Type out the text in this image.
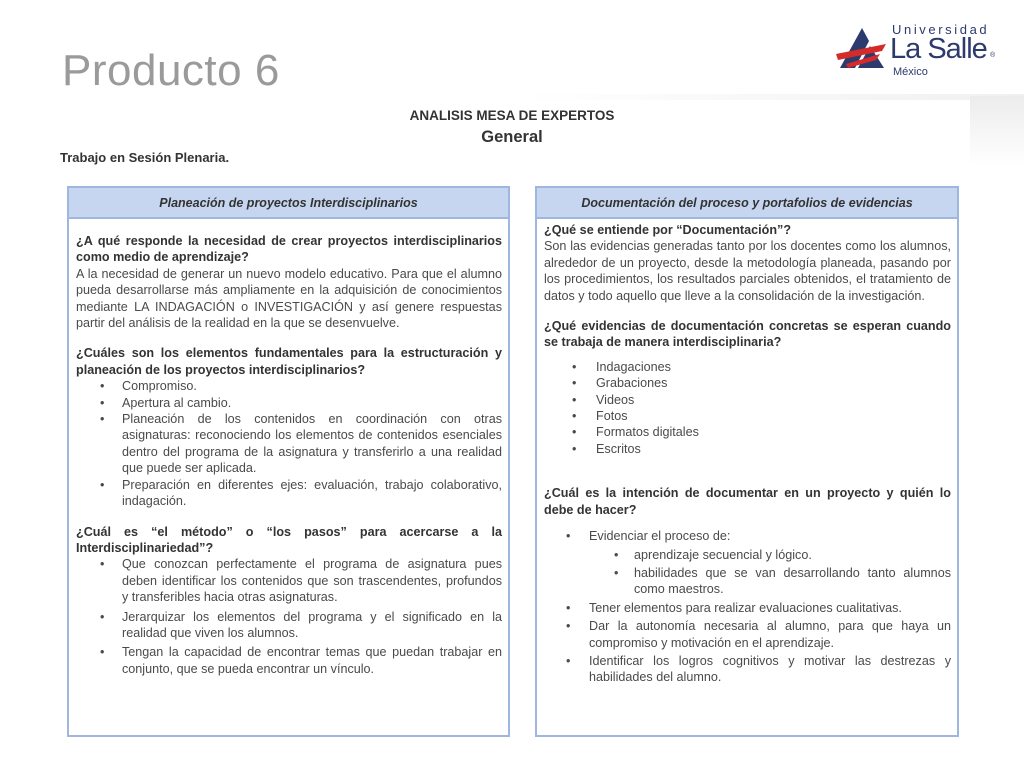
Producto 6
Universidad
La Salle ®
México
ANALISIS MESA DE EXPERTOS
General
Trabajo en Sesión Plenaria.
Planeación de proyectos Interdisciplinarios
¿A qué responde la necesidad de crear proyectos interdisciplinarios como medio de aprendizaje?
A la necesidad de generar un nuevo modelo educativo. Para que el alumno pueda desarrollarse más ampliamente en la adquisición de conocimientos mediante LA INDAGACIÓN o INVESTIGACIÓN y así genere respuestas partir del análisis de la realidad en la que se desenvuelve.
¿Cuáles son los elementos fundamentales para la estructuración y planeación de los proyectos interdisciplinarios?
• Compromiso.
• Apertura al cambio.
• Planeación de los contenidos en coordinación con otras asignaturas: reconociendo los elementos de contenidos esenciales dentro del programa de la asignatura y transferirlo a una realidad que puede ser aplicada.
• Preparación en diferentes ejes: evaluación, trabajo colaborativo, indagación.
¿Cuál es “el método” o “los pasos” para acercarse a la Interdisciplinariedad”?
• Que conozcan perfectamente el programa de asignatura pues deben identificar los contenidos que son trascendentes, profundos y transferibles hacia otras asignaturas.
• Jerarquizar los elementos del programa y el significado en la realidad que viven los alumnos.
• Tengan la capacidad de encontrar temas que puedan trabajar en conjunto, que se pueda encontrar un vínculo.
Documentación del proceso y portafolios de evidencias
¿Qué se entiende por “Documentación”?
Son las evidencias generadas tanto por los docentes como los alumnos, alrededor de un proyecto, desde la metodología planeada, pasando por los procedimientos, los resultados parciales obtenidos, el tratamiento de datos y todo aquello que lleve a la consolidación de la investigación.
¿Qué evidencias de documentación concretas se esperan cuando se trabaja de manera interdisciplinaria?
• Indagaciones
• Grabaciones
• Videos
• Fotos
• Formatos digitales
• Escritos
¿Cuál es la intención de documentar en un proyecto y quién lo debe de hacer?
• Evidenciar el proceso de:
• aprendizaje secuencial y lógico.
• habilidades que se van desarrollando tanto alumnos como maestros.
• Tener elementos para realizar evaluaciones cualitativas.
• Dar la autonomía necesaria al alumno, para que haya un compromiso y motivación en el aprendizaje.
• Identificar los logros cognitivos y motivar las destrezas y habilidades del alumno.
